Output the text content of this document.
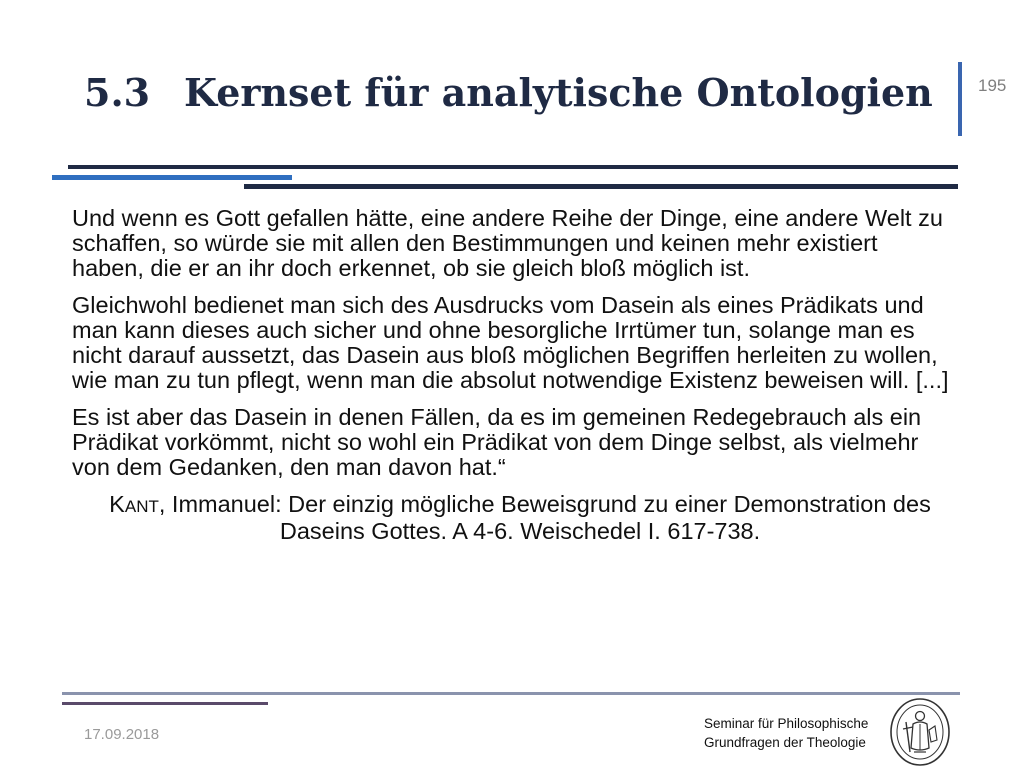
5.3 Kernset für analytische Ontologien	195

Und wenn es Gott gefallen hätte, eine andere Reihe der Dinge, eine andere Welt zu schaffen, so würde sie mit allen den Bestimmungen und keinen mehr existiert haben, die er an ihr doch erkennet, ob sie gleich bloß möglich ist.

Gleichwohl bedienet man sich des Ausdrucks vom Dasein als eines Prädikats und man kann dieses auch sicher und ohne besorgliche Irrtümer tun, solange man es nicht darauf aussetzt, das Dasein aus bloß möglichen Begriffen herleiten zu wollen, wie man zu tun pflegt, wenn man die absolut notwendige Existenz beweisen will. [...]

Es ist aber das Dasein in denen Fällen, da es im gemeinen Redegebrauch als ein Prädikat vorkömmt, nicht so wohl ein Prädikat von dem Dinge selbst, als vielmehr von dem Gedanken, den man davon hat.“

KANT, Immanuel: Der einzig mögliche Beweisgrund zu einer Demonstration des Daseins Gottes. A 4-6. Weischedel I. 617-738.

17.09.2018
Seminar für Philosophische
Grundfragen der Theologie
